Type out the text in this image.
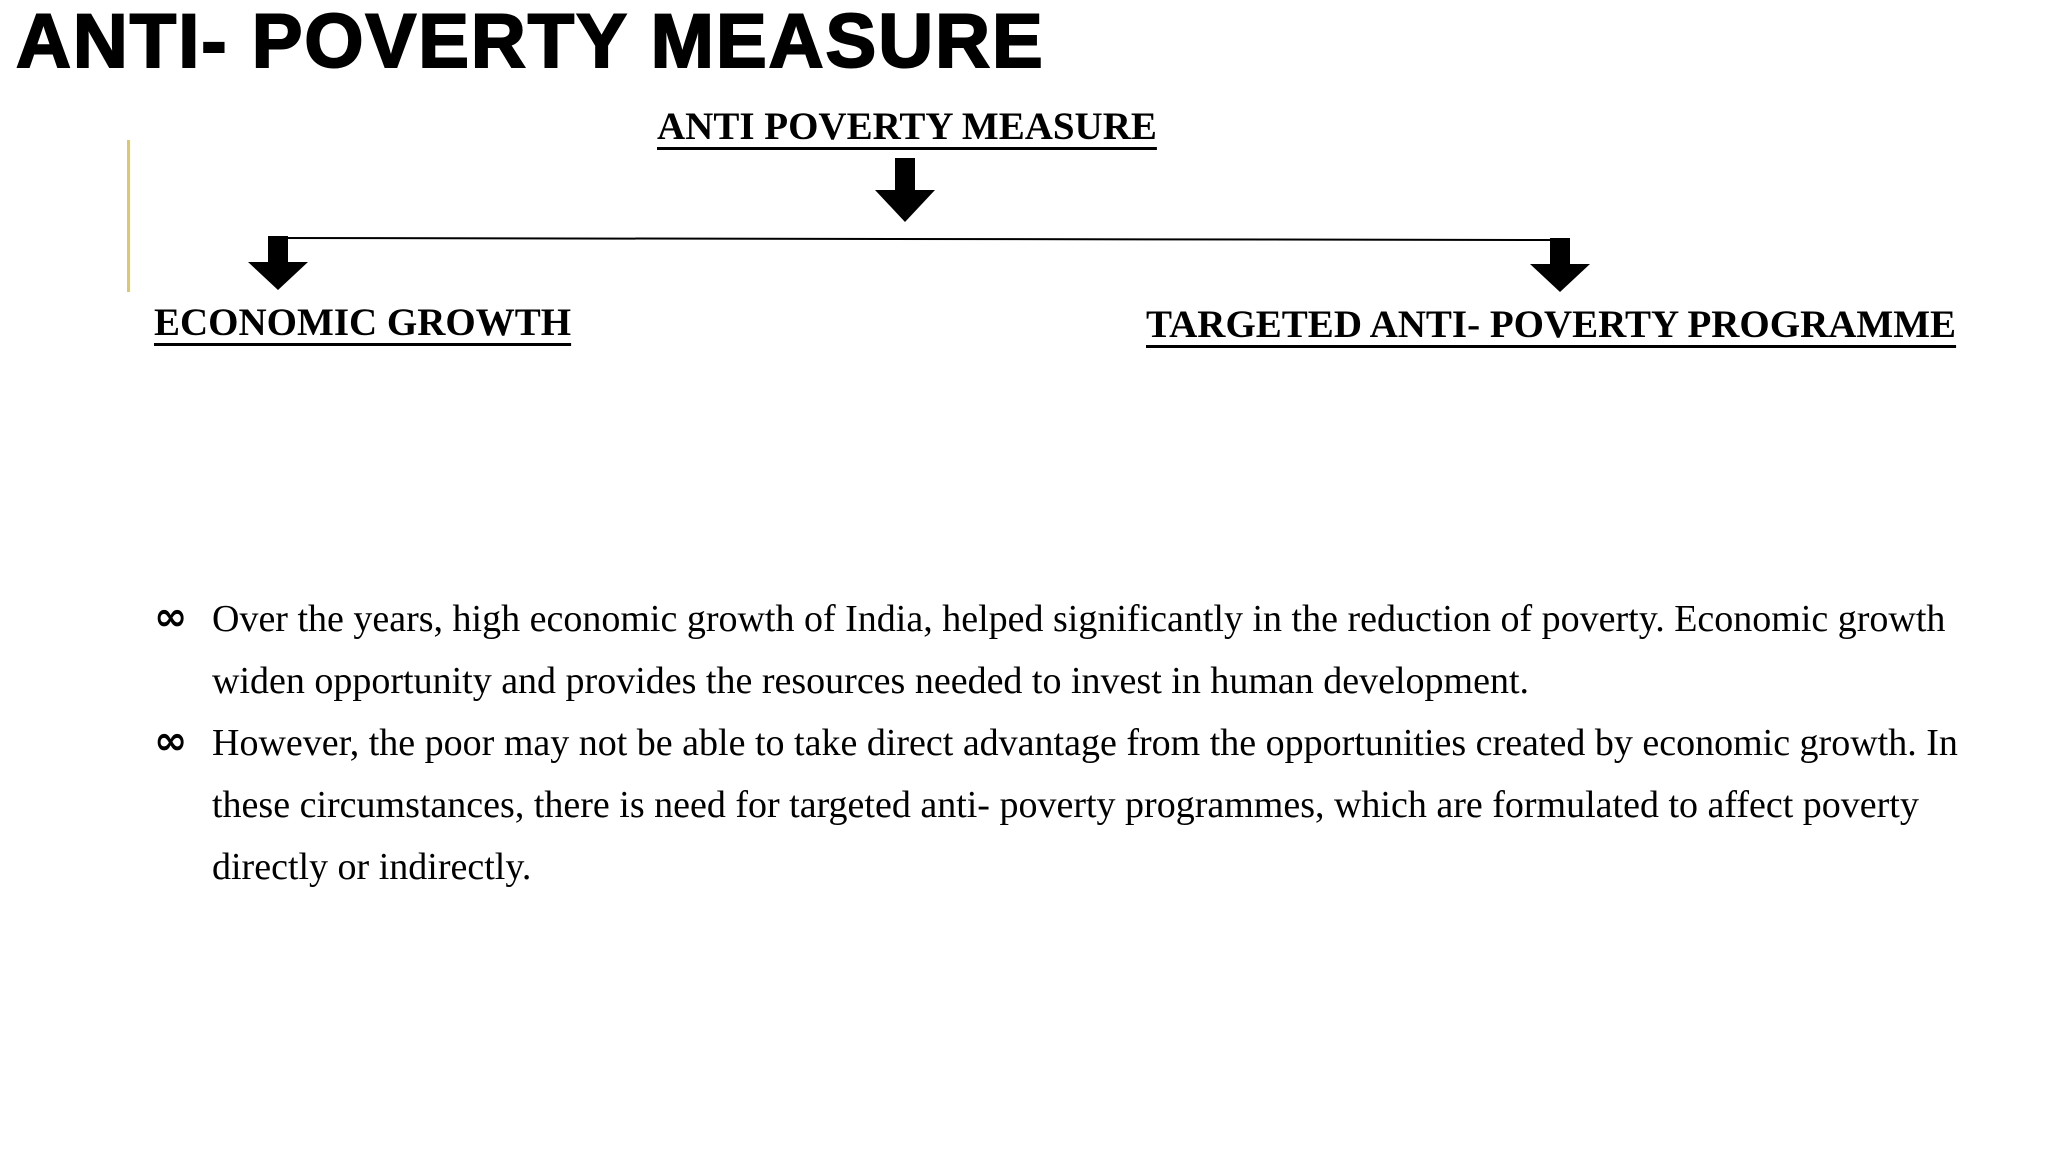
ANTI- POVERTY MEASURE

ANTI POVERTY MEASURE

ECONOMIC GROWTH	TARGETED ANTI- POVERTY PROGRAMME

∞ Over the years, high economic growth of India, helped significantly in the reduction of poverty. Economic growth widen opportunity and provides the resources needed to invest in human development.
∞ However, the poor may not be able to take direct advantage from the opportunities created by economic growth. In these circumstances, there is need for targeted anti- poverty programmes, which are formulated to affect poverty directly or indirectly.
